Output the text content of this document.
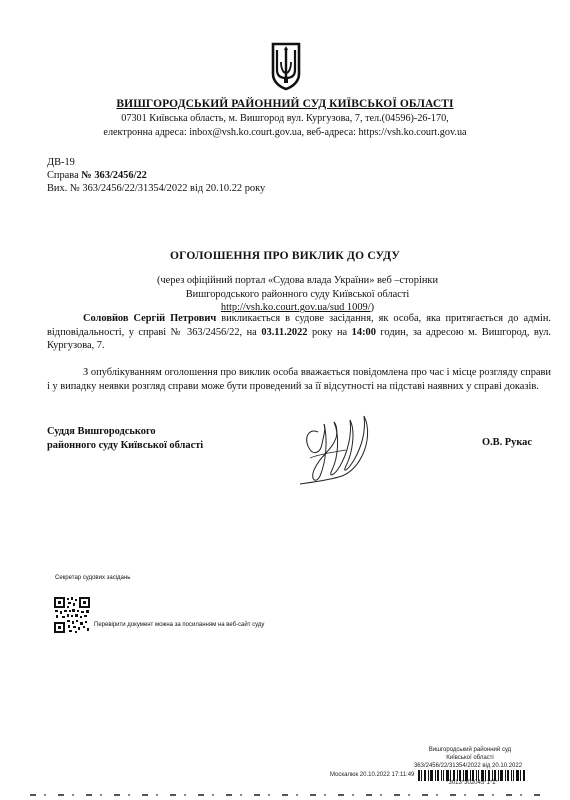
ВИШГОРОДСЬКИЙ РАЙОННИЙ СУД КИЇВСЬКОЇ ОБЛАСТІ
07301 Київська область, м. Вишгород вул. Кургузова, 7, тел.(04596)-26-170,
електронна адреса: inbox@vsh.ko.court.gov.ua, веб-адреса: https://vsh.ko.court.gov.ua
ДВ-19
Справа № 363/2456/22
Вих. № 363/2456/22/31354/2022 від 20.10.22 року
ОГОЛОШЕННЯ ПРО ВИКЛИК ДО СУДУ
(через офіційний портал «Судова влада України» веб –сторінки Вишгородського районного суду Київської області http://vsh.ko.court.gov.ua/sud 1009/)
Соловйов Сергій Петрович викликається в судове засідання, як особа, яка притягається до адмін. відповідальності, у справі № 363/2456/22, на 03.11.2022 року на 14:00 годин, за адресою м. Вишгород, вул. Кургузова, 7.
З опублікуванням оголошення про виклик особа вважається повідомлена про час і місце розгляду справи і у випадку неявки розгляд справи може бути проведений за її відсутності на підставі наявних у справі доказів.
Суддя Вишгородського
районного суду Київської області	О.В. Рукас
Секретар судових засідань
Перевірити документ можна за посиланням на веб-сайт суду
Вишгородський районний суд
Київської області
363/2456/22/31354/2022 від 20.10.2022
Москалюк 20.10.2022 17:11:49
*3013*302045*1*1*
